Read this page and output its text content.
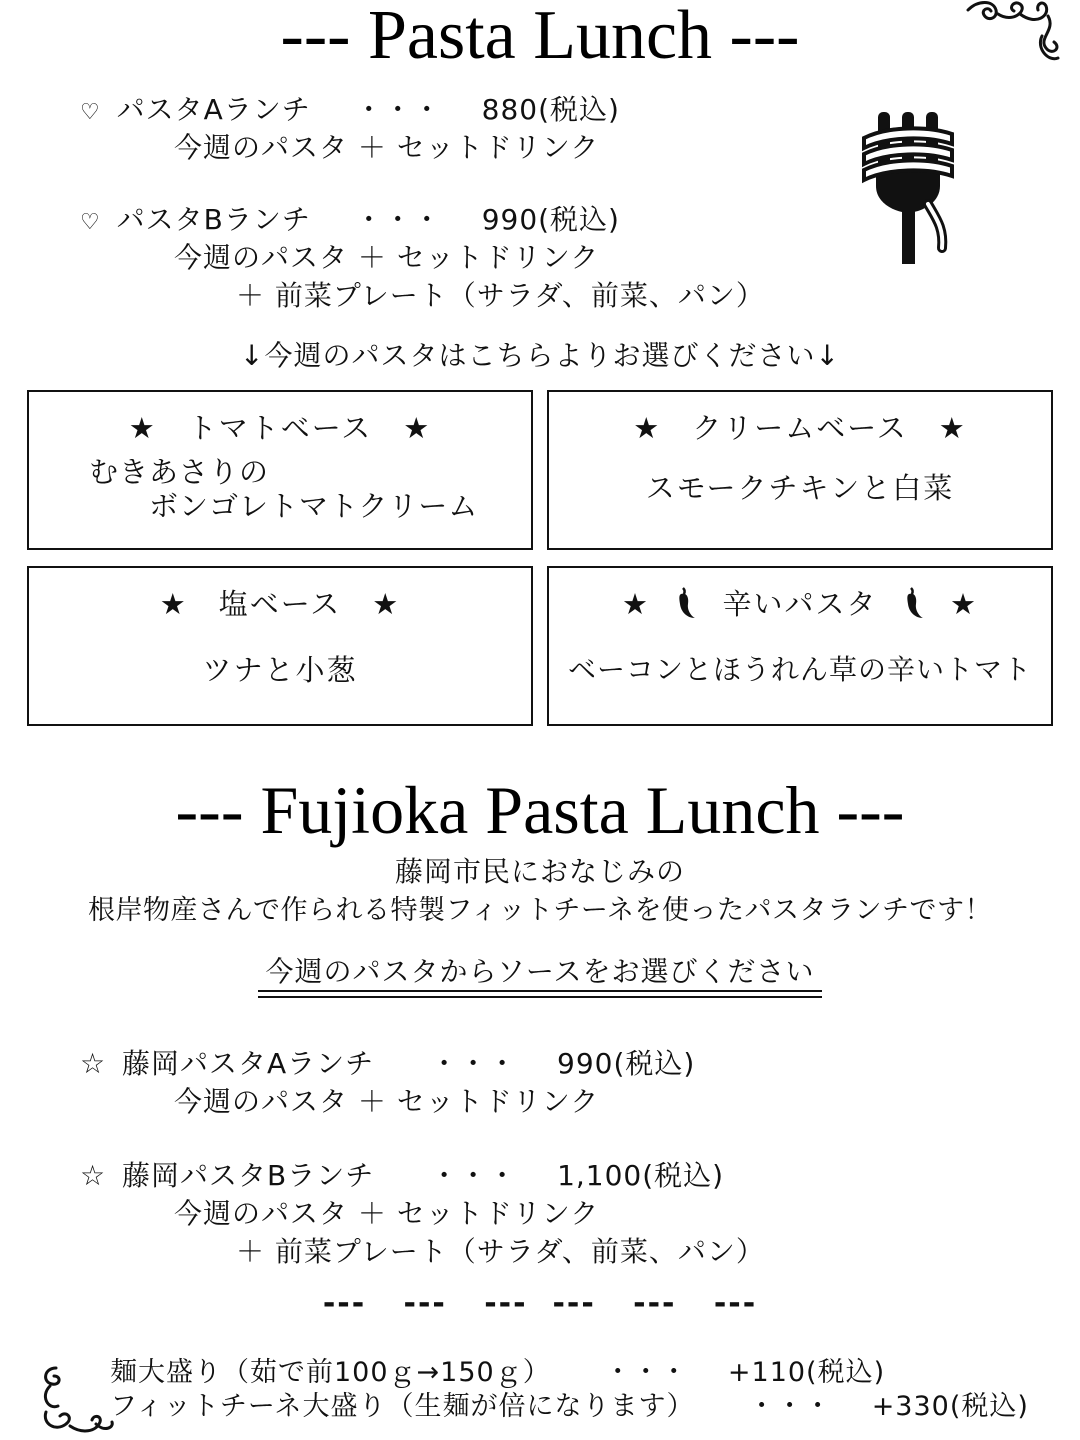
--- Pasta Lunch ---
♡ パスタAランチ ・・・ 880(税込)
今週のパスタ ＋ セットドリンク
♡ パスタBランチ ・・・ 990(税込)
今週のパスタ ＋ セットドリンク
＋ 前菜プレート（サラダ、前菜、パン）
↓今週のパスタはこちらよりお選びください↓
★　トマトベース　★
むきあさりの
ボンゴレトマトクリーム
★　クリームベース　★
スモークチキンと白菜
★　塩ベース　★
ツナと小葱
★ 辛いパスタ ★
ベーコンとほうれん草の辛いトマト
--- Fujioka Pasta Lunch ---
藤岡市民におなじみの
根岸物産さんで作られる特製フィットチーネを使ったパスタランチです！
今週のパスタからソースをお選びください
☆ 藤岡パスタAランチ ・・・ 990(税込)
今週のパスタ ＋ セットドリンク
☆ 藤岡パスタBランチ ・・・ 1,100(税込)
今週のパスタ ＋ セットドリンク
＋ 前菜プレート（サラダ、前菜、パン）
---   ---   ---  ---   ---   ---
麺大盛り（茹で前100ｇ→150ｇ） ・・・ +110(税込)
フィットチーネ大盛り（生麺が倍になります） ・・・ +330(税込)
